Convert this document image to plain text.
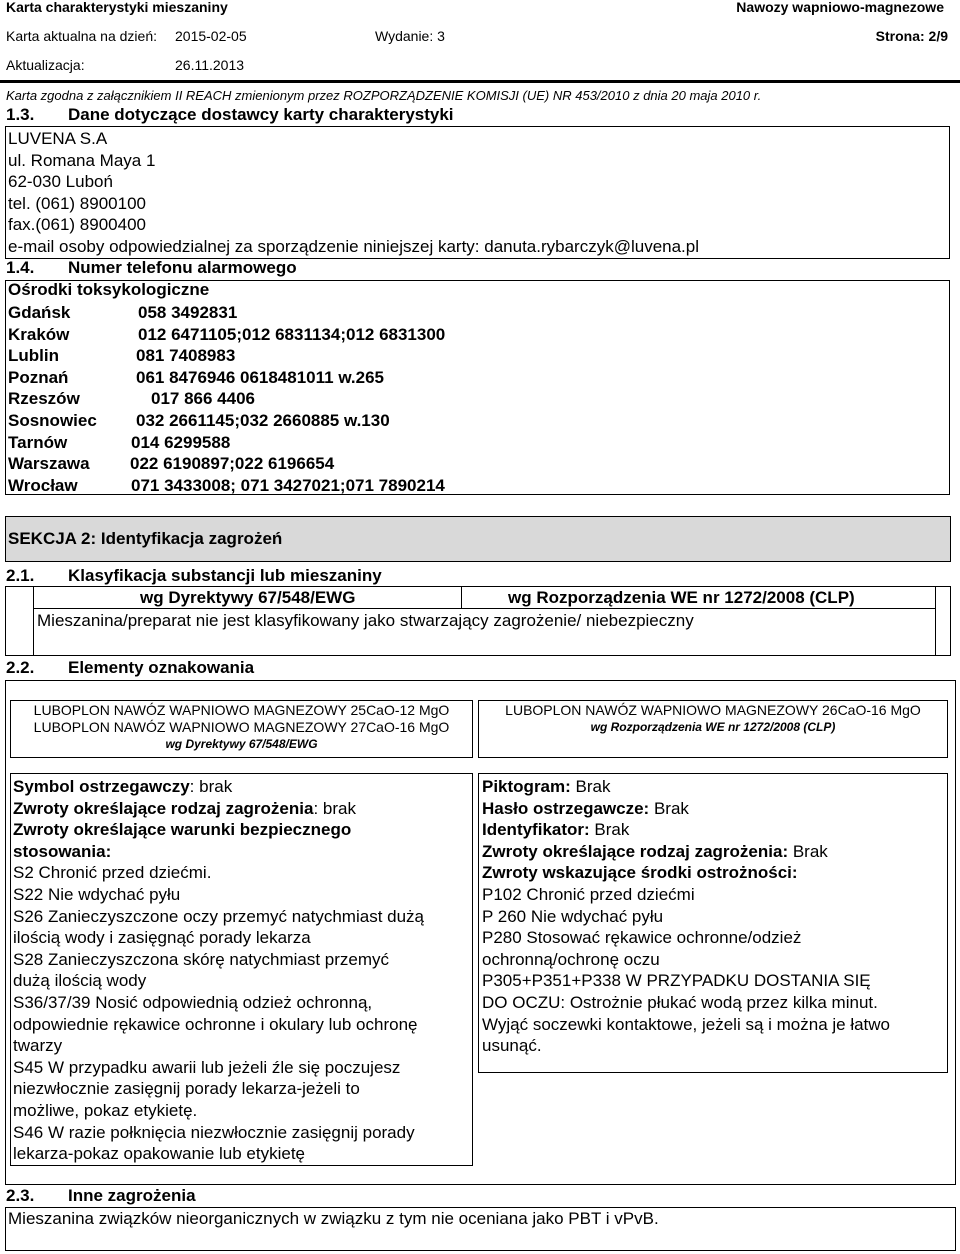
Karta charakterystyki mieszaniny	Nawozy wapniowo-magnezowe
Karta aktualna na dzień: 2015-02-05	Wydanie: 3	Strona: 2/9
Aktualizacja:	26.11.2013
Karta zgodna z załącznikiem II REACH zmienionym przez ROZPORZĄDZENIE KOMISJI (UE) NR 453/2010 z dnia 20 maja 2010 r.
1.3. Dane dotyczące dostawcy karty charakterystyki
LUVENA S.A
ul. Romana Maya 1
62-030 Luboń
tel. (061) 8900100
fax.(061) 8900400
e-mail osoby odpowiedzialnej za sporządzenie niniejszej karty: danuta.rybarczyk@luvena.pl
1.4. Numer telefonu alarmowego
Ośrodki toksykologiczne
Gdańsk	058 3492831
Kraków	012 6471105;012 6831134;012 6831300
Lublin	081 7408983
Poznań	061 8476946 0618481011 w.265
Rzeszów	017 866 4406
Sosnowiec 032 2661145;032 2660885 w.130
Tarnów	014 6299588
Warszawa 022 6190897;022 6196654
Wrocław	071 3433008; 071 3427021;071 7890214
SEKCJA 2: Identyfikacja zagrożeń
2.1. Klasyfikacja substancji lub mieszaniny
wg Dyrektywy 67/548/EWG	wg Rozporządzenia WE nr 1272/2008 (CLP)
Mieszanina/preparat nie jest klasyfikowany jako stwarzający zagrożenie/ niebezpieczny
2.2. Elementy oznakowania
LUBOPLON NAWÓZ WAPNIOWO MAGNEZOWY 25CaO-12 MgO
LUBOPLON NAWÓZ WAPNIOWO MAGNEZOWY 27CaO-16 MgO
wg Dyrektywy 67/548/EWG
LUBOPLON NAWÓZ WAPNIOWO MAGNEZOWY 26CaO-16 MgO
wg Rozporządzenia WE nr 1272/2008 (CLP)
Symbol ostrzegawczy: brak
Zwroty określające rodzaj zagrożenia: brak
Zwroty określające warunki bezpiecznego
stosowania:
S2 Chronić przed dziećmi.
S22 Nie wdychać pyłu
S26 Zanieczyszczone oczy przemyć natychmiast dużą
ilością wody i zasięgnąć porady lekarza
S28 Zanieczyszczona skórę natychmiast przemyć
dużą ilością wody
S36/37/39 Nosić odpowiednią odzież ochronną,
odpowiednie rękawice ochronne i okulary lub ochronę
twarzy
S45 W przypadku awarii lub jeżeli źle się poczujesz
niezwłocznie zasięgnij porady lekarza-jeżeli to
możliwe, pokaz etykietę.
S46 W razie połknięcia niezwłocznie zasięgnij porady
lekarza-pokaz opakowanie lub etykietę
Piktogram: Brak
Hasło ostrzegawcze: Brak
Identyfikator: Brak
Zwroty określające rodzaj zagrożenia: Brak
Zwroty wskazujące środki ostrożności:
P102 Chronić przed dziećmi
P 260 Nie wdychać pyłu
P280 Stosować rękawice ochronne/odzież
ochronną/ochronę oczu
P305+P351+P338 W PRZYPADKU DOSTANIA SIĘ
DO OCZU: Ostrożnie płukać wodą przez kilka minut.
Wyjąć soczewki kontaktowe, jeżeli są i można je łatwo
usunąć.
2.3. Inne zagrożenia
Mieszanina związków nieorganicznych w związku z tym nie oceniana jako PBT i vPvB.
